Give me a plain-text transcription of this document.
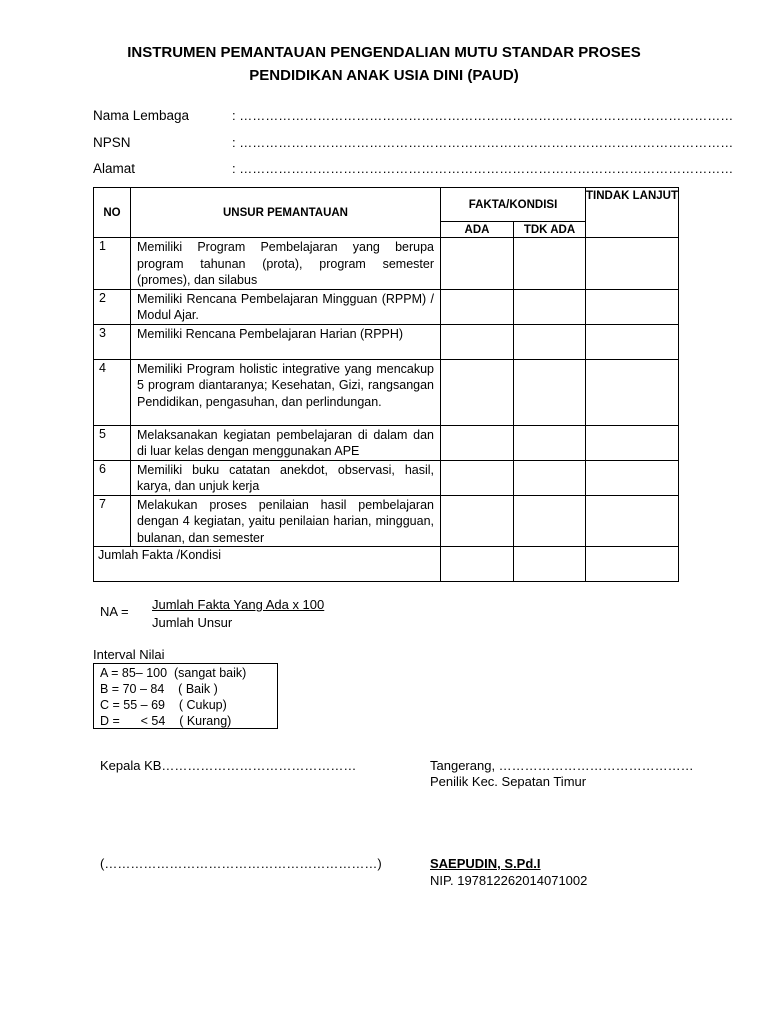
INSTRUMEN PEMANTAUAN PENGENDALIAN MUTU STANDAR PROSES
PENDIDIKAN ANAK USIA DINI (PAUD)
Nama Lembaga	: ……………………………………………………………………………………………………
NPSN	: ……………………………………………………………………………………………………
Alamat	: ……………………………………………………………………………………………………
NO	UNSUR PEMANTAUAN	FAKTA/KONDISI		TINDAK LANJUT
		ADA	TDK ADA	
1	Memiliki Program Pembelajaran yang berupa program tahunan (prota), program semester (promes), dan silabus			
2	Memiliki Rencana Pembelajaran Mingguan (RPPM) / Modul Ajar.			
3	Memiliki Rencana Pembelajaran Harian (RPPH)			
4	Memiliki Program holistic integrative yang mencakup 5 program diantaranya; Kesehatan, Gizi, rangsangan Pendidikan, pengasuhan, dan perlindungan.			
5	Melaksanakan kegiatan pembelajaran di dalam dan di luar kelas dengan menggunakan APE			
6	Memiliki buku catatan anekdot, observasi, hasil, karya, dan unjuk kerja			
7	Melakukan proses penilaian hasil pembelajaran dengan 4 kegiatan, yaitu penilaian harian, mingguan, bulanan, dan semester			
Jumlah Fakta /Kondisi				
NA = Jumlah Fakta Yang Ada x 100
Jumlah Unsur
Interval Nilai
A = 85– 100  (sangat baik)
B = 70 – 84    ( Baik )
C = 55 – 69    ( Cukup)
D =      < 54    ( Kurang)
Kepala KB………………………………………	Tangerang, ………………………………………
Penilik Kec. Sepatan Timur
(………………………………………………………)	SAEPUDIN, S.Pd.I
NIP. 197812262014071002
